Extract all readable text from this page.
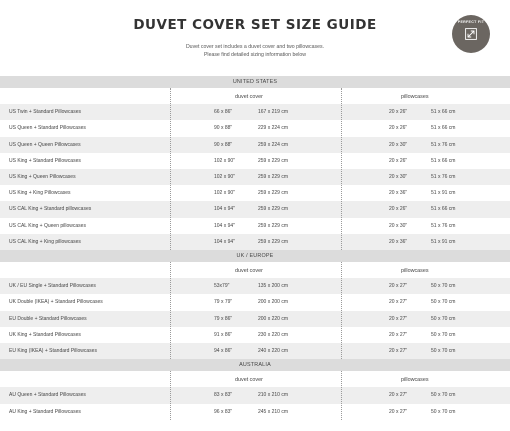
DUVET COVER SET SIZE GUIDE
Duvet cover set includes a duvet cover and two pillowcases.
Please find detailed sizing information below
PERFECT FIT
UNITED STATES
duvet cover	pillowcases
US Twin + Standard Pillowcases	66 x 86"	167 x 219 cm	20 x 26"	51 x 66 cm
US Queen + Standard Pillowcases	90 x 88"	229 x 224 cm	20 x 26"	51 x 66 cm
US Queen + Queen Pillowcases	90 x 88"	259 x 224 cm	20 x 30"	51 x 76 cm
US King + Standard Pillowcases	102 x 90"	259 x 229 cm	20 x 26"	51 x 66 cm
US King + Queen Pillowcases	102 x 90"	259 x 229 cm	20 x 30"	51 x 76 cm
US King + King Pillowcases	102 x 90"	259 x 229 cm	20 x 36"	51 x 91 cm
US CAL King + Standard pillowcases	104 x 94"	259 x 229 cm	20 x 26"	51 x 66 cm
US CAL King + Queen pillowcases	104 x 94"	259 x 229 cm	20 x 30"	51 x 76 cm
US CAL King + King pillowcases	104 x 94"	259 x 229 cm	20 x 36"	51 x 91 cm
UK / EUROPE
duvet cover	pillowcases
UK / EU Single + Standard Pillowcases	53x79"	135 x 200 cm	20 x 27"	50 x 70 cm
UK Double (IKEA) + Standard Pillowcases	79 x 79"	200 x 200 cm	20 x 27"	50 x 70 cm
EU Double + Standard Pillowcases	79 x 86"	200 x 220 cm	20 x 27"	50 x 70 cm
UK King + Standard Pillowcases	91 x 86"	230 x 220 cm	20 x 27"	50 x 70 cm
EU King (IKEA) + Standard Pillowcases	94 x 86"	240 x 220 cm	20 x 27"	50 x 70 cm
AUSTRALIA
duvet cover	pillowcases
AU Queen + Standard Pillowcases	83 x 83"	210 x 210 cm	20 x 27"	50 x 70 cm
AU King + Standard Pillowcases	96 x 83"	245 x 210 cm	20 x 27"	50 x 70 cm
